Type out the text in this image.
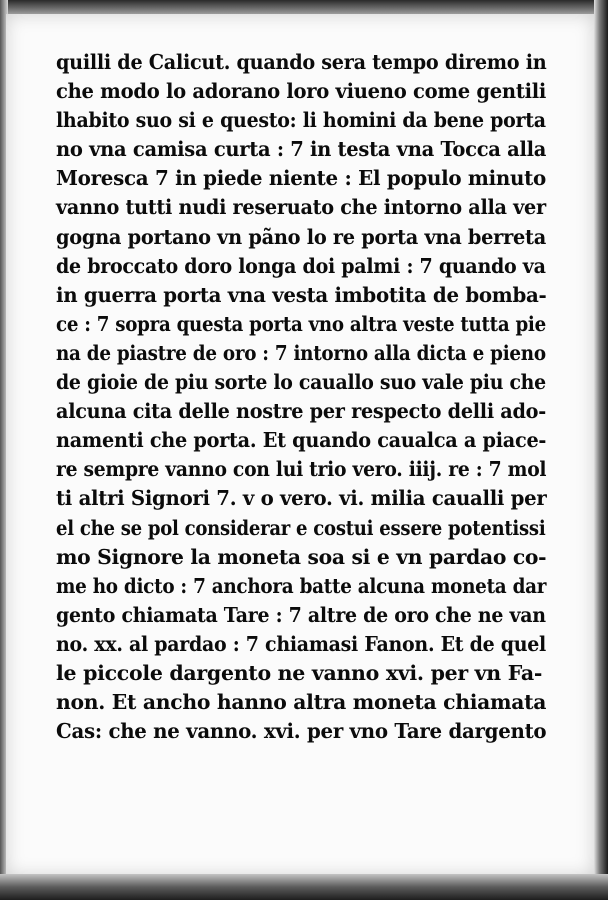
quilli de Calicut. quando sera tempo diremo in
che modo lo adorano loro viueno come gentili
lhabito suo si e questo: li homini da bene porta
no vna camisa curta : 7 in testa vna Tocca alla
Moresca 7 in piede niente : El populo minuto
vanno tutti nudi reseruato che intorno alla ver
gogna portano vn pãno lo re porta vna berreta
de broccato doro longa doi palmi : 7 quando va
in guerra porta vna vesta imbotita de bomba-
ce : 7 sopra questa porta vno altra veste tutta pie
na de piastre de oro : 7 intorno alla dicta e pieno
de gioie de piu sorte lo cauallo suo vale piu che
alcuna cita delle nostre per respecto delli ado-
namenti che porta. Et quando caualca a piace-
re sempre vanno con lui trio vero. iiij. re : 7 mol
ti altri Signori 7. v o vero. vi. milia caualli per
el che se pol considerar e costui essere potentissi
mo Signore la moneta soa si e vn pardao co-
me ho dicto : 7 anchora batte alcuna moneta dar
gento chiamata Tare : 7 altre de oro che ne van
no. xx. al pardao : 7 chiamasi Fanon. Et de quel
le piccole dargento ne vanno xvi. per vn Fa-
non. Et ancho hanno altra moneta chiamata
Cas: che ne vanno. xvi. per vno Tare dargento
